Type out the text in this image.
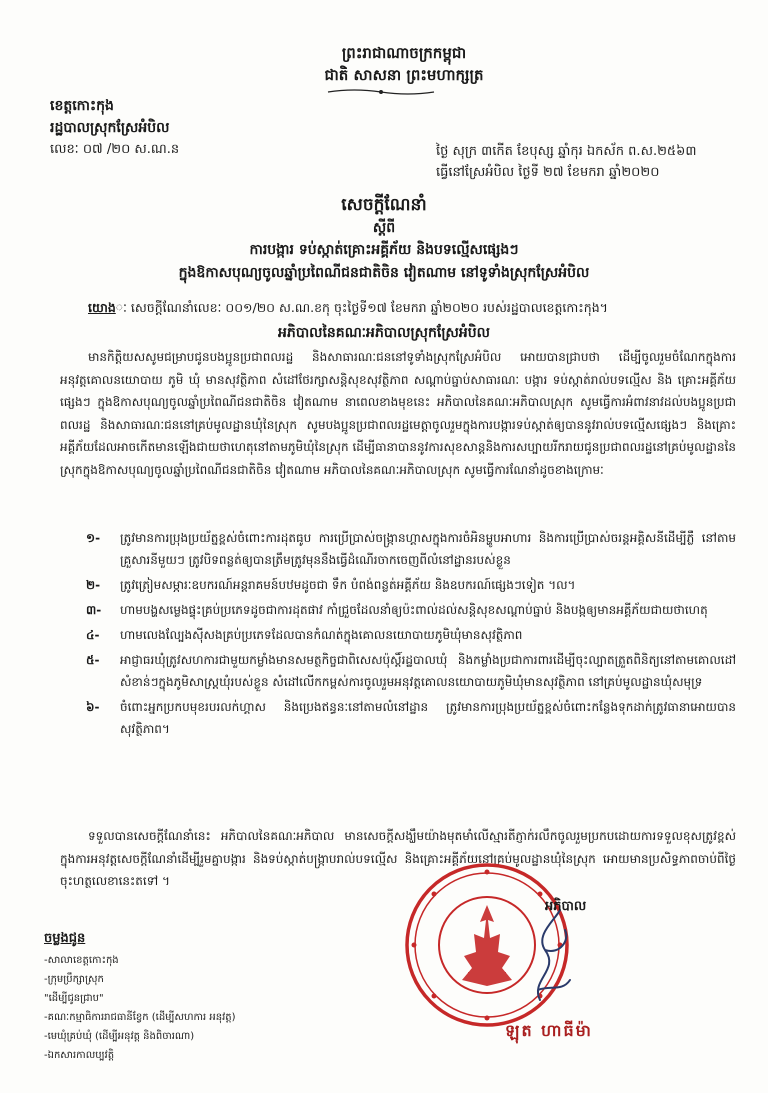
ព្រះរាជាណាចក្រកម្ពុជា
ជាតិ សាសនា ព្រះមហាក្សត្រ
ខេត្តកោះកុង
រដ្ឋបាលស្រុកស្រែអំបិល
លេខៈ ០៧ /២០ ស.ណ.ន	ថ្ងៃ សុក្រ ៣កើត ខែបុស្ស ឆ្នាំកុរ ឯកស័ក ព.ស.២៥៦៣
ធ្វើនៅស្រែអំបិល ថ្ងៃទី ២៧ ខែមករា ឆ្នាំ២០២០
សេចក្តីណែនាំ
ស្តីពី
ការបង្ការ ទប់ស្កាត់គ្រោះអគ្គីភ័យ និងបទល្មើសផ្សេងៗ
ក្នុងឱកាសបុណ្យចូលឆ្នាំប្រពៃណីជនជាតិចិន វៀតណាម នៅទូទាំងស្រុកស្រែអំបិល
យោងៈ សេចក្តីណែនាំលេខៈ ០០១/២០ ស.ណ.ខកុ ចុះថ្ងៃទី១៧ ខែមករា ឆ្នាំ២០២០ របស់រដ្ឋបាលខេត្តកោះកុង។
អភិបាលនៃគណៈអភិបាលស្រុកស្រែអំបិល
មានកិត្តិយសសូមជម្រាបជូនបងប្អូនប្រជាពលរដ្ឋ និងសាធារណៈជននៅទូទាំងស្រុកស្រែអំបិល អោយបានជ្រាបថា ដើម្បីចូលរួមចំណែកក្នុងការអនុវត្តគោលនយោបាយ ភូមិ ឃុំ មានសុវត្ថិភាព សំដៅថែរក្សាសន្តិសុខសុវត្ថិភាព សណ្តាប់ធ្នាប់សាធារណៈ បង្ការ ទប់ស្កាត់រាល់បទល្មើស និង គ្រោះអគ្គីភ័យផ្សេងៗ ក្នុងឱកាសបុណ្យចូលឆ្នាំប្រពៃណីជនជាតិចិន វៀតណាម នាពេលខាងមុខនេះ អភិបាលនៃគណៈអភិបាលស្រុក សូមធ្វើការអំពាវនាវដល់បងប្អូនប្រជាពលរដ្ឋ និងសាធារណៈជននៅគ្រប់មូលដ្ឋានឃុំនៃស្រុក សូមបងប្អូនប្រជាពលរដ្ឋមេត្តាចូលរួមក្នុងការបង្ការទប់ស្កាត់ឲ្យបាននូវរាល់បទល្មើសផ្សេងៗ និងគ្រោះអគ្គីភ័យដែលអាចកើតមានឡើងជាយថាហេតុនៅតាមភូមិឃុំនៃស្រុក ដើម្បីធានាបាននូវការសុខសាន្តនិងការសប្បាយរីករាយជូនប្រជាពលរដ្ឋនៅគ្រប់មូលដ្ឋាននៃស្រុកក្នុងឱកាសបុណ្យចូលឆ្នាំប្រពៃណីជនជាតិចិន វៀតណាម អភិបាលនៃគណៈអភិបាលស្រុក សូមធ្វើការណែនាំដូចខាងក្រោមៈ
១- ត្រូវមានការប្រុងប្រយ័ត្នខ្ពស់ចំពោះការដុតធូប ការប្រើប្រាស់ចង្ក្រានហ្គាសក្នុងការចំអិនម្ហូបអាហារ និងការប្រើប្រាស់ចរន្តអគ្គិសនីដើម្បីភ្លឺ នៅតាមគ្រួសារនីមួយៗ ត្រូវបិទពន្លត់ឲ្យបានត្រឹមត្រូវមុននឹងធ្វើដំណើរចាកចេញពីលំនៅដ្ឋានរបស់ខ្លួន
២- ត្រូវត្រៀមសម្ភារៈឧបករណ៍អន្តរាគមន៍បឋមដូចជា ទឹក បំពង់ពន្លត់អគ្គីភ័យ និងឧបករណ៍ផ្សេងៗទៀត ។ល។
៣- ហាមបង្ហសម្លេងផ្ទុះគ្រប់ប្រភេទដូចជាការដុតផាវ កាំជ្រួចដែលនាំឲ្យប៉ះពាល់ដល់សន្តិសុខសណ្តាប់ធ្នាប់ និងបង្កឲ្យមានអគ្គីភ័យជាយថាហេតុ
៤- ហាមលេងល្បែងស៊ីសងគ្រប់ប្រភេទដែលបានកំណត់ក្នុងគោលនយោបាយភូមិឃុំមានសុវត្ថិភាព
៥- អាជ្ញាធរឃុំត្រូវសហការជាមួយកម្លាំងមានសមត្ថកិច្ចជាពិសេសប៉ុស្តិ៍រដ្ឋបាលឃុំ និងកម្លាំងប្រជាការពារដើម្បីចុះល្បាតត្រួតពិនិត្យនៅតាមគោលដៅសំខាន់ៗក្នុងភូមិសាស្ត្រឃុំរបស់ខ្លួន សំដៅលើកកម្ពស់ការចូលរួមអនុវត្តគោលនយោបាយភូមិឃុំមានសុវត្ថិភាព នៅគ្រប់មូលដ្ឋានឃុំសមុទ្រ
៦- ចំពោះអ្នកប្រកបមុខរបរលក់ហ្គាស និងប្រេងឥន្ធនៈនៅតាមលំនៅដ្ឋាន ត្រូវមានការប្រុងប្រយ័ត្នខ្ពស់ចំពោះកន្លែងទុកដាក់ត្រូវធានាអោយបានសុវត្ថិភាព។
ទទួលបានសេចក្តីណែនាំនេះ អភិបាលនៃគណៈអភិបាល មានសេចក្តីសង្ឃឹមយ៉ាងមុតមាំលើស្មារតីភ្ញាក់រលឹកចូលរួមប្រកបដោយការទទួលខុសត្រូវខ្ពស់ក្នុងការអនុវត្តសេចក្តីណែនាំដើម្បីរួមគ្នាបង្ការ និងទប់ស្កាត់បង្ក្រាបរាល់បទល្មើស និងគ្រោះអគ្គីភ័យនៅគ្រប់មូលដ្ឋានឃុំនៃស្រុក អោយមានប្រសិទ្ធភាពចាប់ពីថ្ងៃចុះហត្ថលេខានេះតទៅ ។
អភិបាល
ឡុត ហាធីម៉ា
ចម្លងជូន
-សាលាខេត្តកោះកុង
-ក្រុមប្រឹក្សាស្រុក
"ដើម្បីជូនជ្រាប"
-គណៈកម្មាធិការរាជធានីខ្វែក (ដើម្បីសហការ អនុវត្ត)
-មេឃុំគ្រប់ឃុំ (ដើម្បីអនុវត្ត និងពិចារណា)
-ឯកសារកាលប្បវត្តិ
